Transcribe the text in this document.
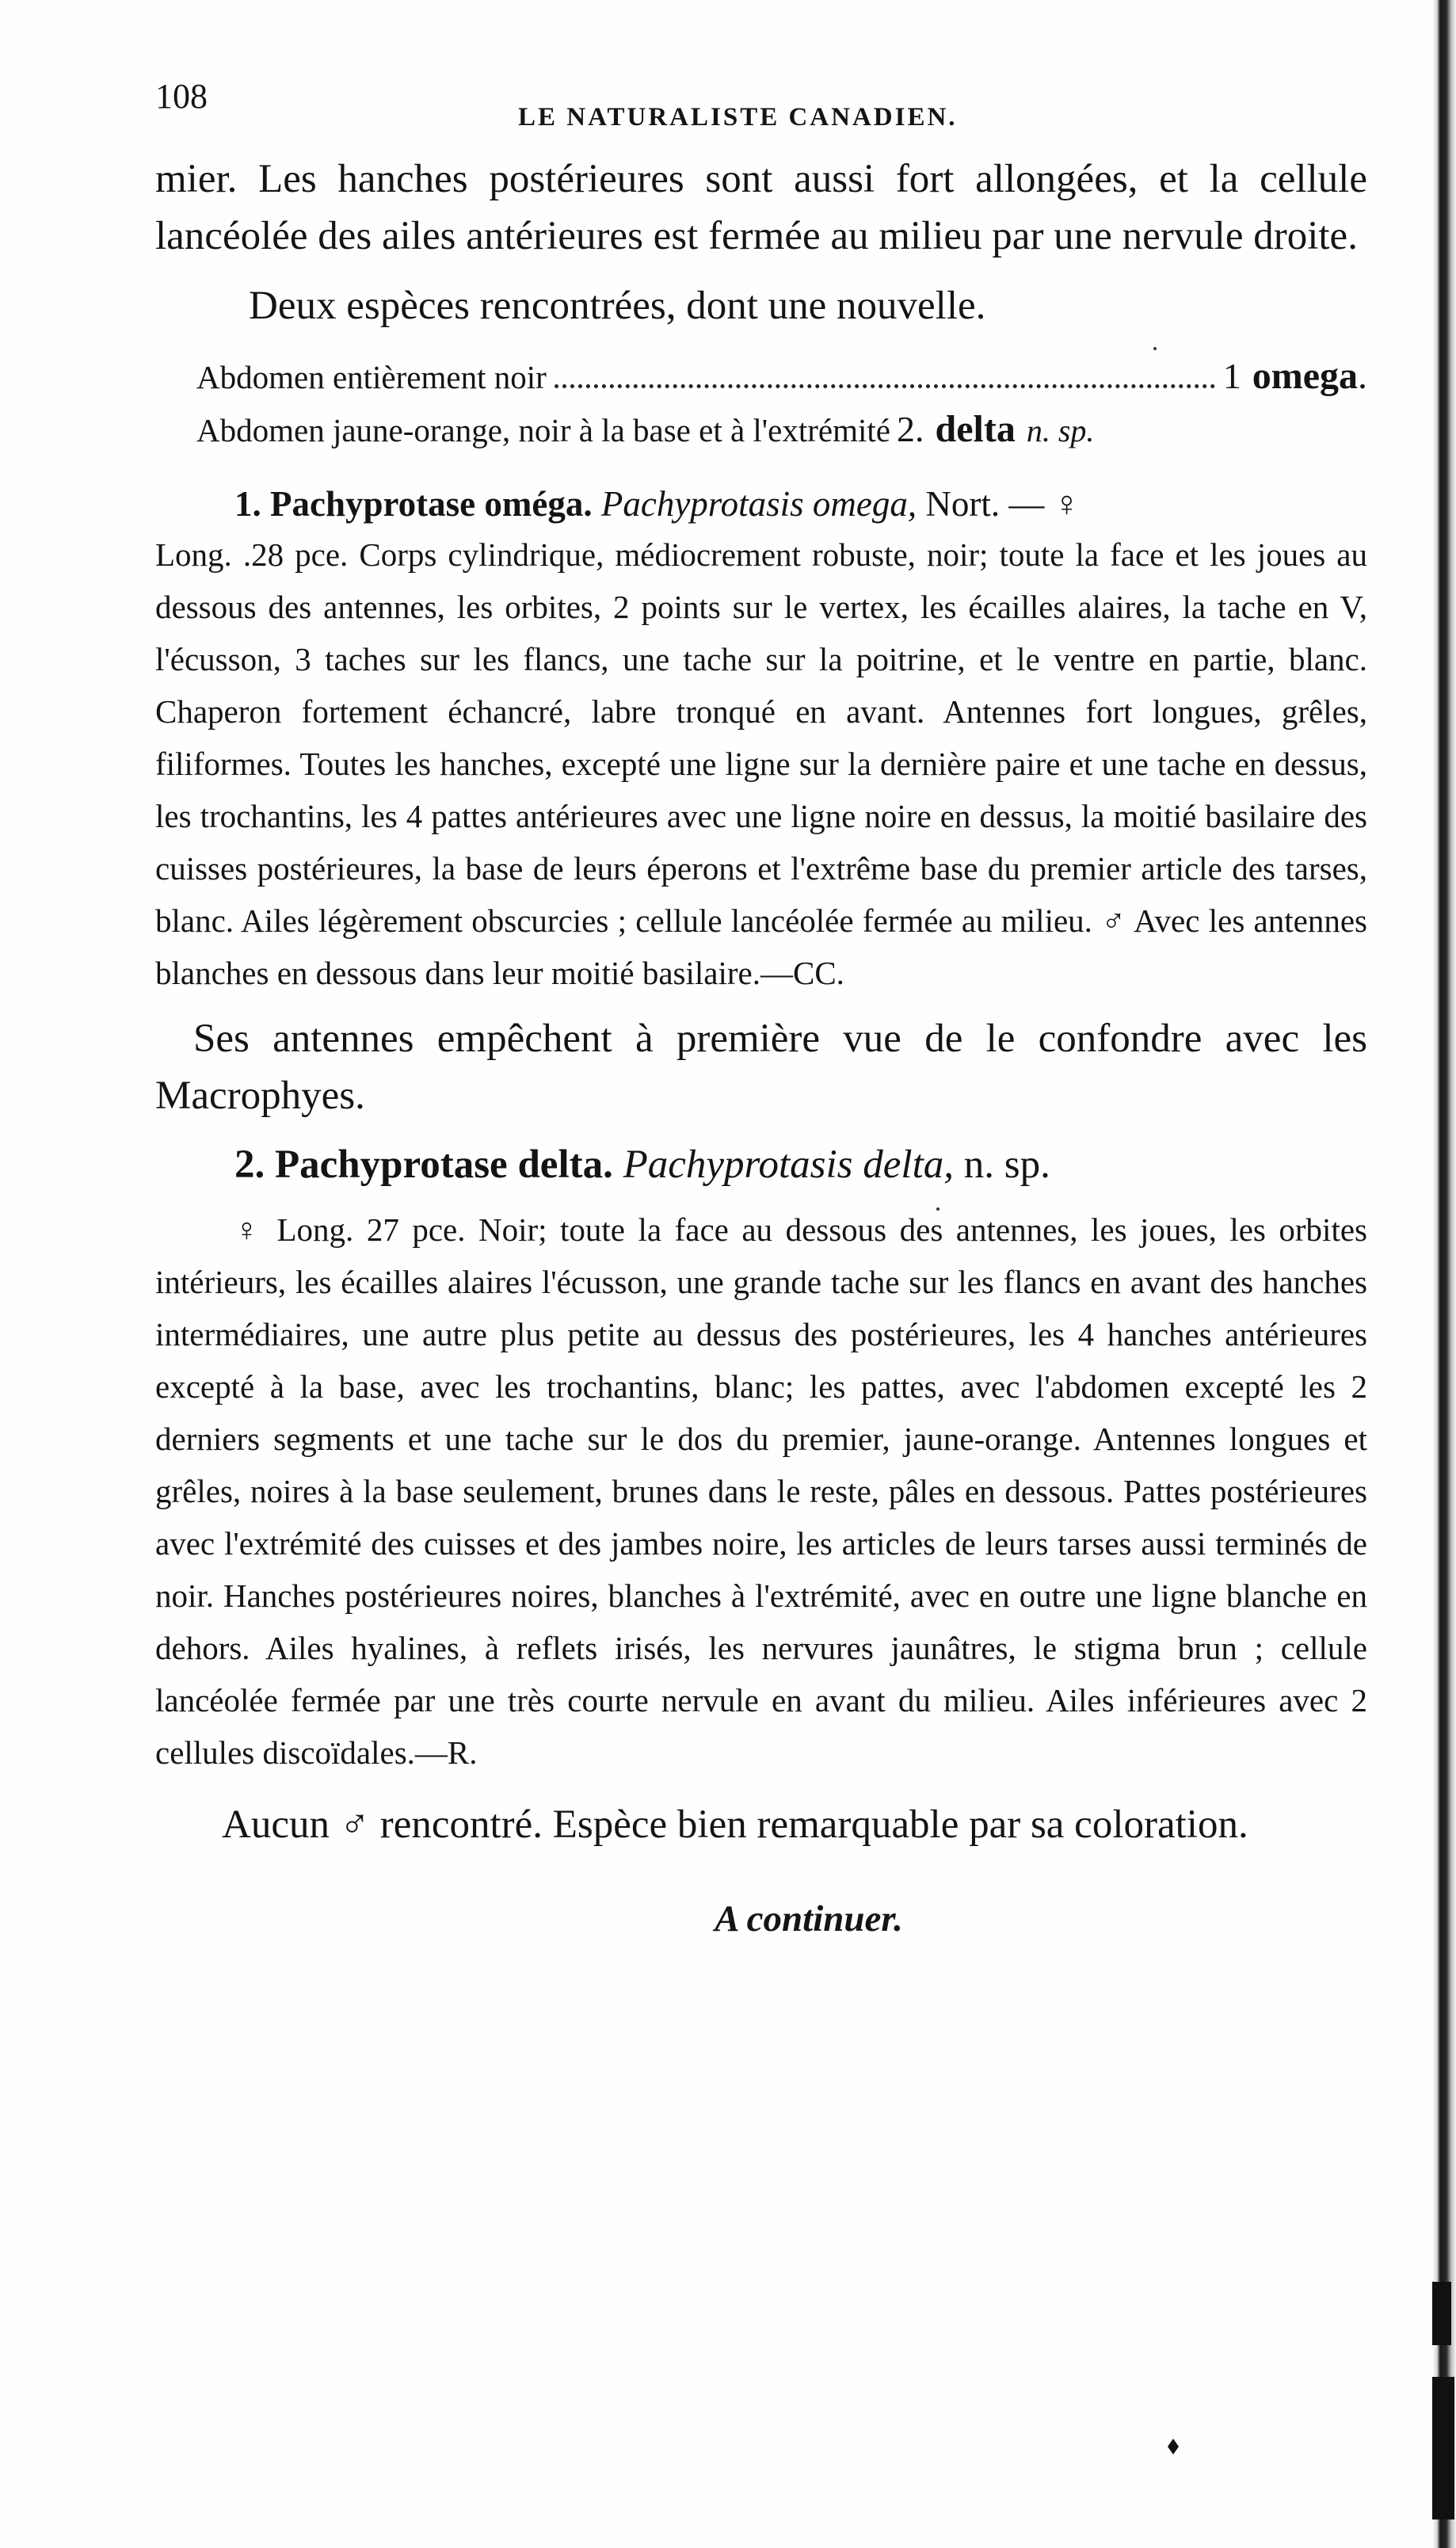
108
LE NATURALISTE CANADIEN.

mier. Les hanches postérieures sont aussi fort allongées, et la cellule lancéolée des ailes antérieures est fermée au milieu par une nervule droite.

Deux espèces rencontrées, dont une nouvelle.

Abdomen entièrement noir	1 omega .
Abdomen jaune-orange, noir à la base et à l'extrémité 2. delta n. sp.

1. Pachyprotase oméga. Pachyprotasis omega, Nort. — ♀

Long. .28 pce. Corps cylindrique, médiocrement robuste, noir; toute la face et les joues au dessous des antennes, les orbites, 2 points sur le vertex, les écailles alaires, la tache en V, l'écusson, 3 taches sur les flancs, une tache sur la poitrine, et le ventre en partie, blanc. Chaperon fortement échancré, labre tronqué en avant. Antennes fort longues, grêles, filiformes. Toutes les hanches, excepté une ligne sur la dernière paire et une tache en dessus, les trochantins, les 4 pattes antérieures avec une ligne noire en dessus, la moitié basilaire des cuisses postérieures, la base de leurs éperons et l'extrême base du premier article des tarses, blanc. Ailes légèrement obscurcies ; cellule lancéolée fermée au milieu. ♂ Avec les antennes blanches en dessous dans leur moitié basilaire.—CC.

Ses antennes empêchent à première vue de le confondre avec les Macrophyes.

2. Pachyprotase delta. Pachyprotasis delta, n. sp.

♀ Long. 27 pce. Noir; toute la face au dessous des antennes, les joues, les orbites intérieurs, les écailles alaires l'écusson, une grande tache sur les flancs en avant des hanches intermédiaires, une autre plus petite au dessus des postérieures, les 4 hanches antérieures excepté à la base, avec les trochantins, blanc; les pattes, avec l'abdomen excepté les 2 derniers segments et une tache sur le dos du premier, jaune-orange. Antennes longues et grêles, noires à la base seulement, brunes dans le reste, pâles en dessous. Pattes postérieures avec l'extrémité des cuisses et des jambes noire, les articles de leurs tarses aussi terminés de noir. Hanches postérieures noires, blanches à l'extrémité, avec en outre une ligne blanche en dehors. Ailes hyalines, à reflets irisés, les nervures jaunâtres, le stigma brun ; cellule lancéolée fermée par une très courte nervule en avant du milieu. Ailes inférieures avec 2 cellules discoïdales.—R.

Aucun ♂ rencontré. Espèce bien remarquable par sa coloration.

A continuer.
